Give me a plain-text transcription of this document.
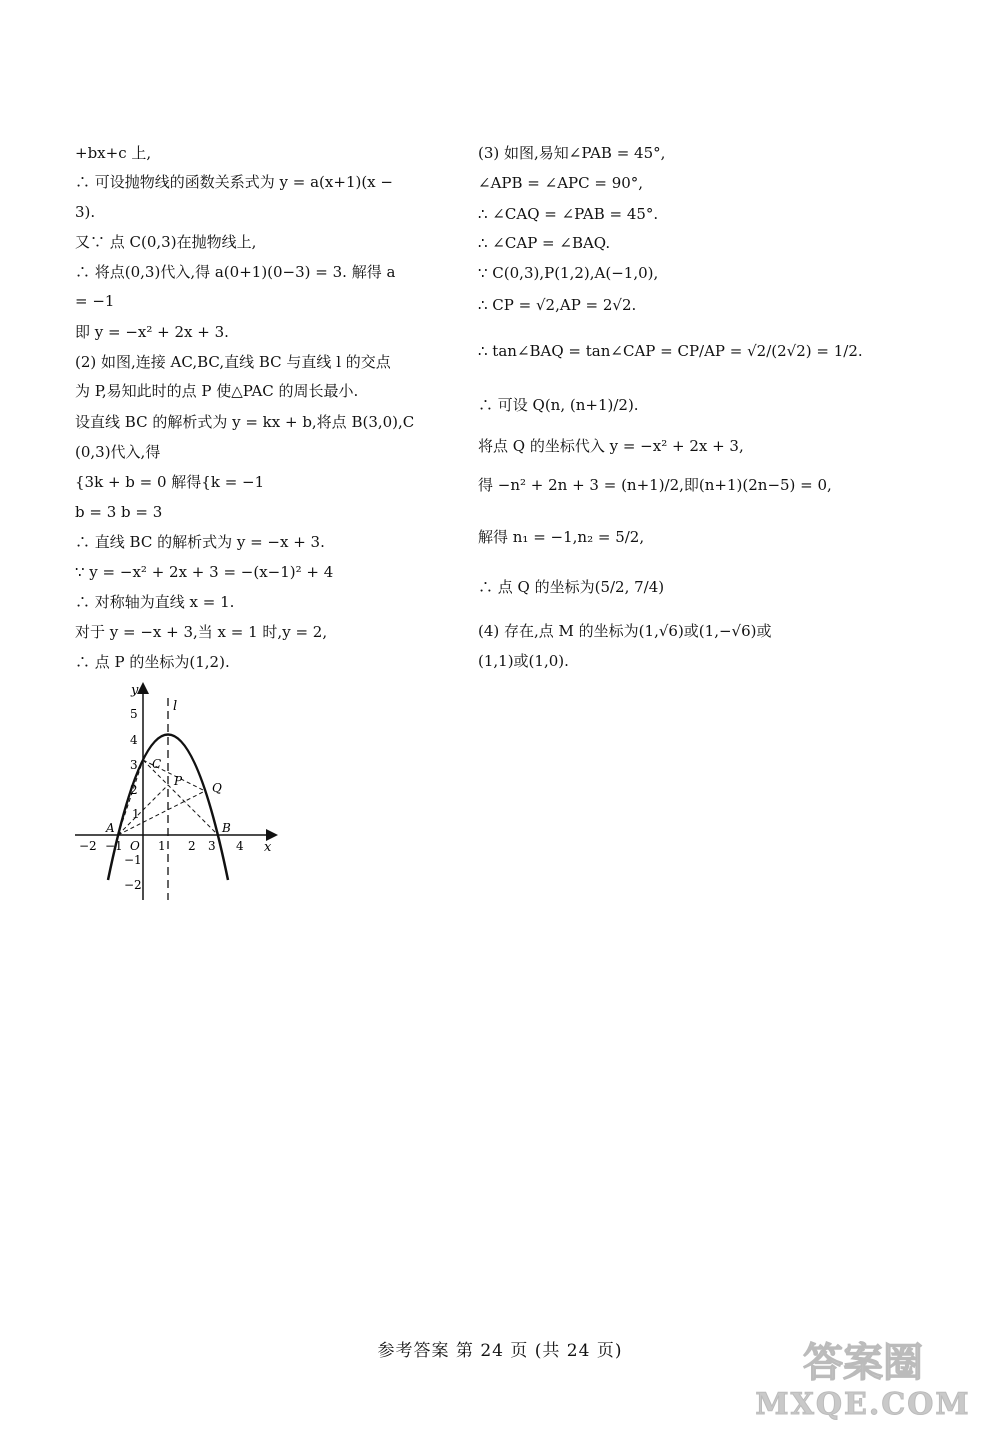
+bx+c 上,
∴ 可设抛物线的函数关系式为 y = a(x+1)(x −
3).
又∵ 点 C(0,3)在抛物线上,
∴ 将点(0,3)代入,得 a(0+1)(0−3) = 3. 解得 a
= −1
即 y = −x² + 2x + 3.
(2) 如图,连接 AC,BC,直线 BC 与直线 l 的交点
为 P,易知此时的点 P 使△PAC 的周长最小.
设直线 BC 的解析式为 y = kx + b,将点 B(3,0),C
(0,3)代入,得
{3k + b = 0 解得{k = −1
b = 3 b = 3
∴ 直线 BC 的解析式为 y = −x + 3.
∵ y = −x² + 2x + 3 = −(x−1)² + 4
∴ 对称轴为直线 x = 1.
对于 y = −x + 3,当 x = 1 时,y = 2,
∴ 点 P 的坐标为(1,2).
(3) 如图,易知∠PAB = 45°,
∠APB = ∠APC = 90°,
∴ ∠CAQ = ∠PAB = 45°.
∴ ∠CAP = ∠BAQ.
∵ C(0,3),P(1,2),A(−1,0),
∴ CP = √2,AP = 2√2.
∴ tan∠BAQ = tan∠CAP = CP/AP = √2/(2√2) = 1/2.
∴ 可设 Q(n, (n+1)/2).
将点 Q 的坐标代入 y = −x² + 2x + 3,
得 −n² + 2n + 3 = (n+1)/2,即(n+1)(2n−5) = 0,
解得 n₁ = −1,n₂ = 5/2,
∴ 点 Q 的坐标为(5/2, 7/4)
(4) 存在,点 M 的坐标为(1,√6)或(1,−√6)或
(1,1)或(1,0).
x
y
l
O
−2 −1	1 2 3 4
5
4
3
2
1
−1
−2
A	B
C
P Q
参考答案 第 24 页 (共 24 页)	答案圈
MXQE.COM
